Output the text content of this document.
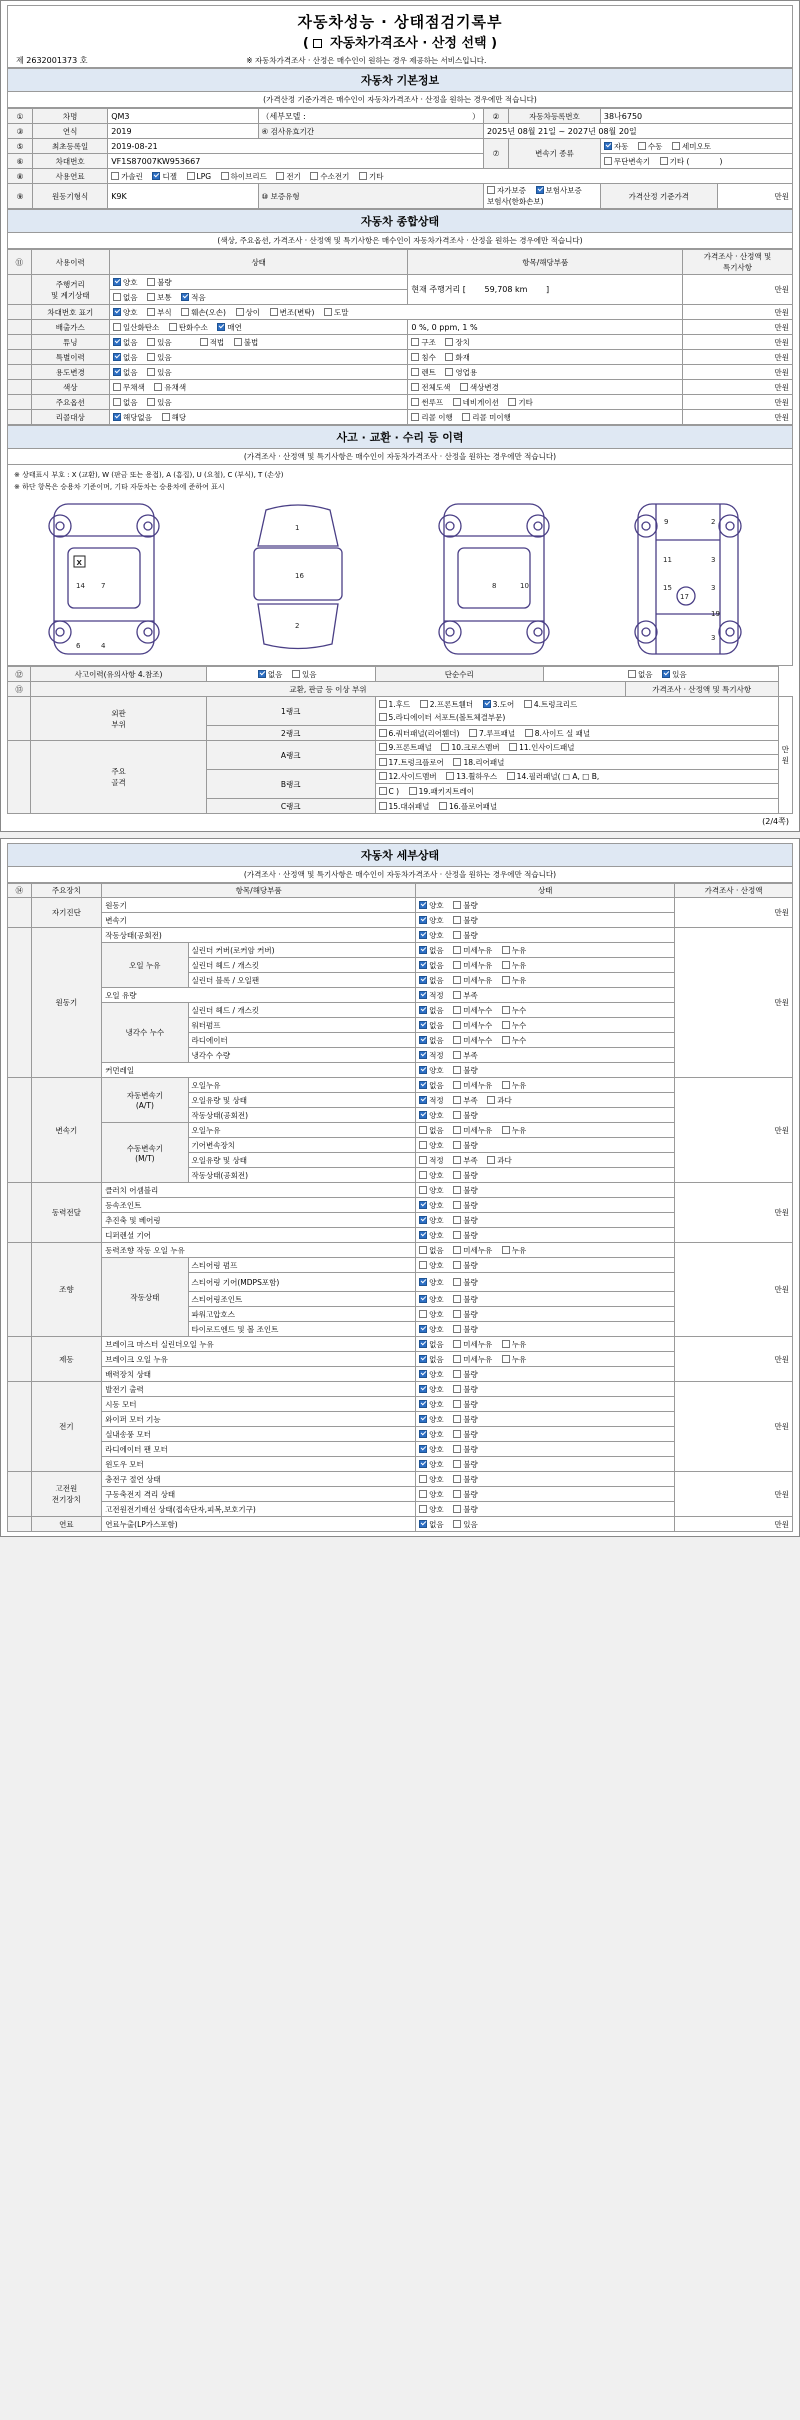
자동차성능 · 상태점검기록부
( 자동차가격조사 · 산정 선택 )
제 2632001373 호	※ 자동차가격조사 · 산정은 매수인이 원하는 경우 제공하는 서비스입니다.
자동차 기본정보
(가격산정 기준가격은 매수인이 자동차가격조사 · 산정을 원하는 경우에만 적습니다)
①	차명	QM3	（세부모델 : ）	②	자동차등록번호	38나6750	
③	연식	2019	④ 검사유효기간	2025년 08월 21일 ~ 2027년 08월 20일			
⑤	최초등록일	2019-08-21		⑦	변속기 종류	자동 수동 세미오토	
⑥	차대번호	VF1S87007KW953667				무단변속기 기타 ( )	
⑧	사용연료	가솔린 디젤 LPG 하이브리드 전기 수소전기 기타					
⑨	원동기형식	K9K	⑩ 보증유형	자가보증 보험사보증 보험사(한화손보)		가격산정 기준가격	만원
자동차 종합상태
(색상, 주요옵션, 가격조사 · 산정액 및 특기사항은 매수인이 자동차가격조사 · 산정을 원하는 경우에만 적습니다)
⑪	사용이력	상태	항목/해당부품	가격조사 · 산정액 및
특기사항

	주행거리
및 계기상태	양호 불량	현재 주행거리 [ 59,708 km ]	만원
		없음 보통 적음		
	차대번호 표기	양호 부식 훼손(오손) 상이 변조(변탁) 도말		만원
	배출가스	일산화탄소 탄화수소 매연	0 %, 0 ppm, 1 %	만원
	튜닝	없음 있음 적법 불법	구조 장치	만원
	특별이력	없음 있음	침수 화재	만원
	용도변경	없음 있음	렌트 영업용	만원
	색상	무채색 유채색	전체도색 색상변경	만원
	주요옵션	없음 있음	썬루프 네비게이션 기타	만원
	리콜대상	해당없음 해당	리콜 이행 리콜 미이행	만원
사고 · 교환 · 수리 등 이력
(가격조사 · 산정액 및 특기사항은 매수인이 자동차가격조사 · 산정을 원하는 경우에만 적습니다)
※ 상태표시 부호 : X (교환), W (판금 또는 용접), A (흠집), U (요철), C (부식), T (손상)
※ 하단 항목은 승용차 기준이며, 기타 자동차는 승용차에 준하여 표시
14 7
6	4
X
1
16
2
10
8
9	2
11	3
15	3
19
17
3
⑫	사고이력(유의사항 4.참조)	없음 있음	단순수리	없음 있음		
⑬	교환, 판금 등 이상 부위				가격조사 · 산정액 및 특기사항	

외판
부위
	1랭크	
1.후드	2.프론트휀더	3.도어	4.트렁크리드
5.라디에이터 서포트(볼트체결부문)
	만원
		2랭크	6.쿼터패널(리어휀더) 7.루프패널 8.사이드 실 패널			

	주요
골격	A랭크	9.프론트패널 10.크로스멤버 11.인사이드패널			
			17.트렁크플로어 18.리어패널			
		B랭크	12.사이드멤버 13.휠하우스 14.필러패널( □ A, □ B,			
			C ) 19.패키지트레이			
		C랭크	15.대쉬패널 16.플로어패널			
(2/4쪽)
자동차 세부상태
(가격조사 · 산정액 및 특기사항은 매수인이 자동차가격조사 · 산정을 원하는 경우에만 적습니다)
⑭	주요장치	항목/해당부품		상태	가격조사 · 산정액
	자기진단	원동기		양호 불량	만원
		변속기		양호 불량	
	원동기	작동상태(공회전)		양호 불량	만원
		오일 누유	실린더 커버(로커암 커버)	없음 미세누유 누유	
			실린더 헤드 / 개스킷	없음 미세누유 누유	
			실린더 블록 / 오일팬	없음 미세누유 누유	
		오일 유량		적정 부족	
		냉각수 누수	실린더 헤드 / 개스킷	없음 미세누수 누수	
			워터펌프	없음 미세누수 누수	
			라디에이터	없음 미세누수 누수	
			냉각수 수량	적정 부족	
		커먼레일		양호 불량	
	변속기	자동변속기
(A/T)	오일누유	없음 미세누유 누유	만원
			오일유량 및 상태	적정 부족 과다	
			작동상태(공회전)	양호 불량	

		수동변속기
(M/T)	오일누유	없음 미세누유 누유	
			기어변속장치	양호 불량	
			오일유량 및 상태	적정 부족 과다	
			작동상태(공회전)	양호 불량	
	동력전달	클러치 어셈블리		양호 불량	만원
		등속조인트		양호 불량	
		추진축 및 베어링		양호 불량	
		디퍼렌셜 기어		양호 불량	
	조향	동력조향 작동 오일 누유		없음 미세누유 누유	만원
		작동상태	스티어링 펌프	양호 불량	
			스티어링 기어(MDPS포함)	양호 불량	
			스티어링조인트	양호 불량	
			파워고압호스	양호 불량	
			타이로드엔드 및 볼 조인트	양호 불량	
	제동	브레이크 마스터 실린더오일 누유		없음 미세누유 누유	만원
		브레이크 오일 누유		없음 미세누유 누유	
		배력장치 상태		양호 불량	
	전기	발전기 출력		양호 불량	만원
		시동 모터		양호 불량	
		와이퍼 모터 기능		양호 불량	
		실내송풍 모터		양호 불량	
		라디에이터 팬 모터		양호 불량	
		윈도우 모터		양호 불량	

	고전원
전기장치	충전구 절연 상태		양호 불량	만원
		구동축전지 격리 상태		양호 불량	
		고전원전기배선 상태(접속단자,피복,보호기구)		양호 불량	
	연료	연료누출(LP가스포함)		없음 있음	만원
